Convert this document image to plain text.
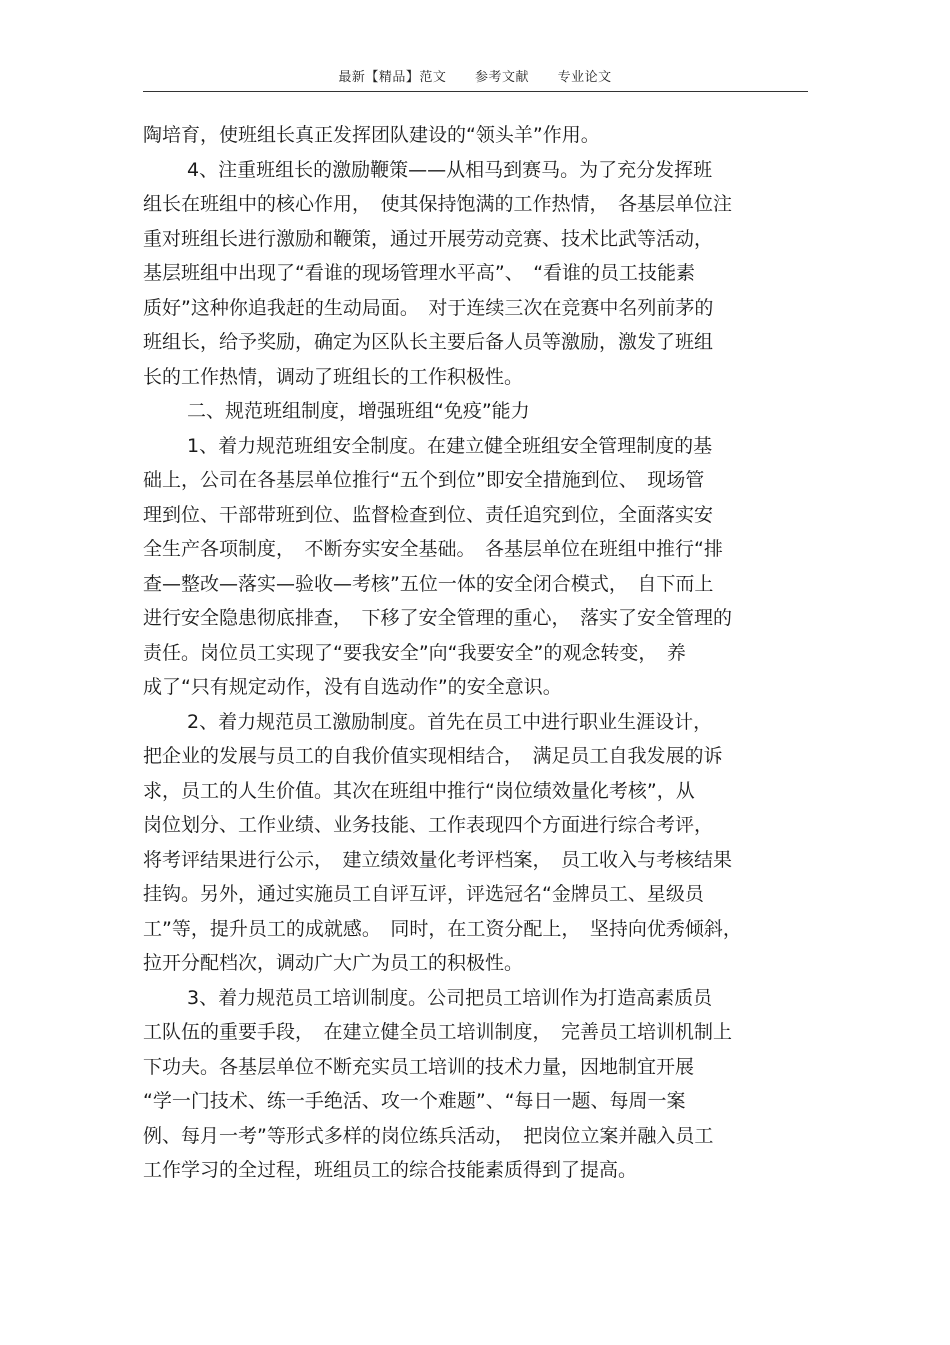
最新【精品】范文 参考文献 专业论文
陶培育，使班组长真正发挥团队建设的“领头羊”作用。
4、注重班组长的激励鞭策——从相马到赛马。为了充分发挥班
组长在班组中的核心作用，　使其保持饱满的工作热情，　各基层单位注
重对班组长进行激励和鞭策，通过开展劳动竞赛、技术比武等活动，
基层班组中出现了“看谁的现场管理水平高”、　“看谁的员工技能素
质好”这种你追我赶的生动局面。　对于连续三次在竞赛中名列前茅的
班组长，给予奖励，确定为区队长主要后备人员等激励，激发了班组
长的工作热情，调动了班组长的工作积极性。
二、规范班组制度，增强班组“免疫”能力
1、着力规范班组安全制度。在建立健全班组安全管理制度的基
础上，公司在各基层单位推行“五个到位”即安全措施到位、　现场管
理到位、干部带班到位、监督检查到位、责任追究到位，全面落实安
全生产各项制度，　不断夯实安全基础。　各基层单位在班组中推行“排
查—整改—落实—验收—考核”五位一体的安全闭合模式，　自下而上
进行安全隐患彻底排查，　下移了安全管理的重心，　落实了安全管理的
责任。岗位员工实现了“要我安全”向“我要安全”的观念转变，　养
成了“只有规定动作，没有自选动作”的安全意识。
2、着力规范员工激励制度。首先在员工中进行职业生涯设计，
把企业的发展与员工的自我价值实现相结合，　满足员工自我发展的诉
求，员工的人生价值。其次在班组中推行“岗位绩效量化考核”，从
岗位划分、工作业绩、业务技能、工作表现四个方面进行综合考评，
将考评结果进行公示，　建立绩效量化考评档案，　员工收入与考核结果
挂钩。另外，通过实施员工自评互评，评选冠名“金牌员工、星级员
工”等，提升员工的成就感。　同时，在工资分配上，　坚持向优秀倾斜，
拉开分配档次，调动广大广为员工的积极性。
3、着力规范员工培训制度。公司把员工培训作为打造高素质员
工队伍的重要手段，　在建立健全员工培训制度，　完善员工培训机制上
下功夫。各基层单位不断充实员工培训的技术力量，因地制宜开展
“学一门技术、练一手绝活、攻一个难题”、“每日一题、每周一案
例、每月一考”等形式多样的岗位练兵活动，　把岗位立案并融入员工
工作学习的全过程，班组员工的综合技能素质得到了提高。
